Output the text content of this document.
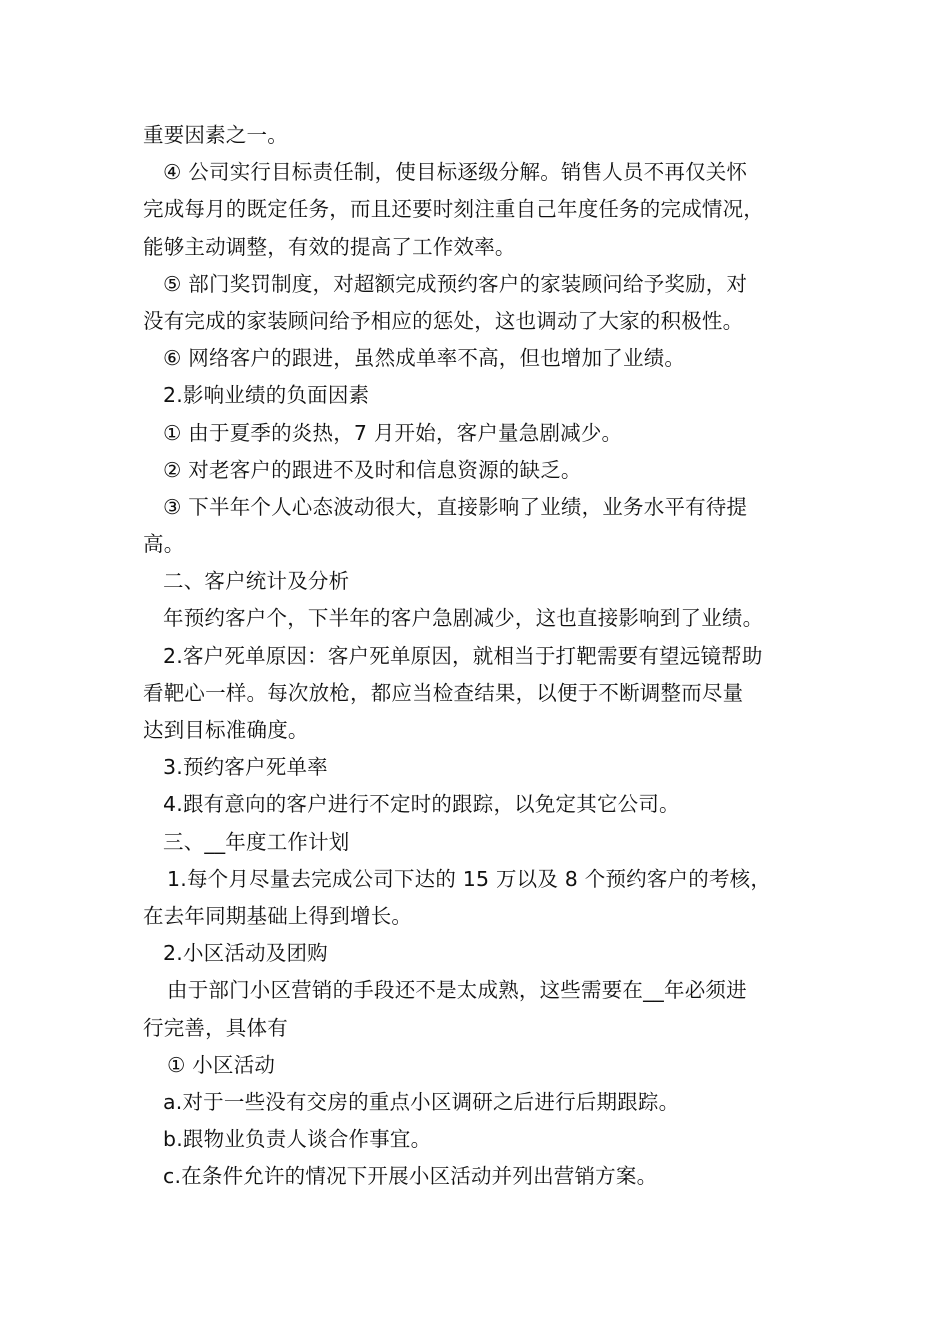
重要因素之一。
④ 公司实行目标责任制，使目标逐级分解。销售人员不再仅关怀
完成每月的既定任务，而且还要时刻注重自己年度任务的完成情况，
能够主动调整，有效的提高了工作效率。
⑤ 部门奖罚制度，对超额完成预约客户的家装顾问给予奖励，对
没有完成的家装顾问给予相应的惩处，这也调动了大家的积极性。
⑥ 网络客户的跟进，虽然成单率不高，但也增加了业绩。
2.影响业绩的负面因素
① 由于夏季的炎热，7 月开始，客户量急剧减少。
② 对老客户的跟进不及时和信息资源的缺乏。
③ 下半年个人心态波动很大，直接影响了业绩，业务水平有待提
高。
二、客户统计及分析
年预约客户个，下半年的客户急剧减少，这也直接影响到了业绩。
2.客户死单原因：客户死单原因，就相当于打靶需要有望远镜帮助
看靶心一样。每次放枪，都应当检查结果，以便于不断调整而尽量
达到目标准确度。
3.预约客户死单率
4.跟有意向的客户进行不定时的跟踪，以免定其它公司。
三、__年度工作计划
1.每个月尽量去完成公司下达的 15 万以及 8 个预约客户的考核，
在去年同期基础上得到增长。
2.小区活动及团购
由于部门小区营销的手段还不是太成熟，这些需要在__年必须进
行完善，具体有
① 小区活动
a.对于一些没有交房的重点小区调研之后进行后期跟踪。
b.跟物业负责人谈合作事宜。
c.在条件允许的情况下开展小区活动并列出营销方案。
